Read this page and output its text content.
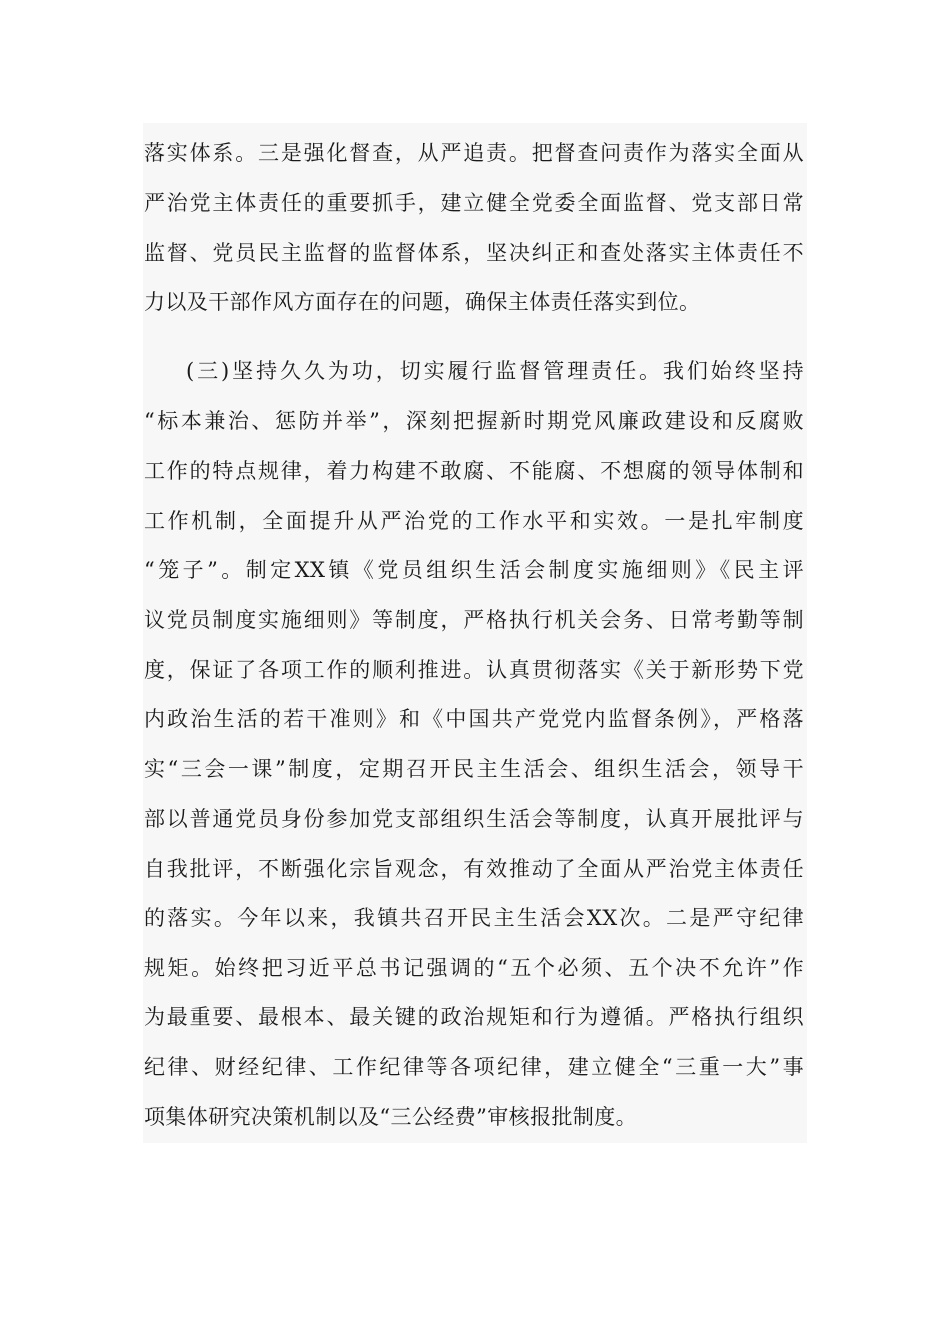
落实体系。三是强化督查，从严追责。把督查问责作为落实全面从
严治党主体责任的重要抓手，建立健全党委全面监督、党支部日常
监督、党员民主监督的监督体系，坚决纠正和查处落实主体责任不
力以及干部作风方面存在的问题，确保主体责任落实到位。
(三)坚持久久为功，切实履行监督管理责任。我们始终坚持
“标本兼治、惩防并举”，深刻把握新时期党风廉政建设和反腐败
工作的特点规律，着力构建不敢腐、不能腐、不想腐的领导体制和
工作机制，全面提升从严治党的工作水平和实效。一是扎牢制度
“笼子”。制定XX镇《党员组织生活会制度实施细则》《民主评
议党员制度实施细则》等制度，严格执行机关会务、日常考勤等制
度，保证了各项工作的顺利推进。认真贯彻落实《关于新形势下党
内政治生活的若干准则》和《中国共产党党内监督条例》，严格落
实“三会一课”制度，定期召开民主生活会、组织生活会，领导干
部以普通党员身份参加党支部组织生活会等制度，认真开展批评与
自我批评，不断强化宗旨观念，有效推动了全面从严治党主体责任
的落实。今年以来，我镇共召开民主生活会XX次。二是严守纪律
规矩。始终把习近平总书记强调的“五个必须、五个决不允许”作
为最重要、最根本、最关键的政治规矩和行为遵循。严格执行组织
纪律、财经纪律、工作纪律等各项纪律，建立健全“三重一大”事
项集体研究决策机制以及“三公经费”审核报批制度。
